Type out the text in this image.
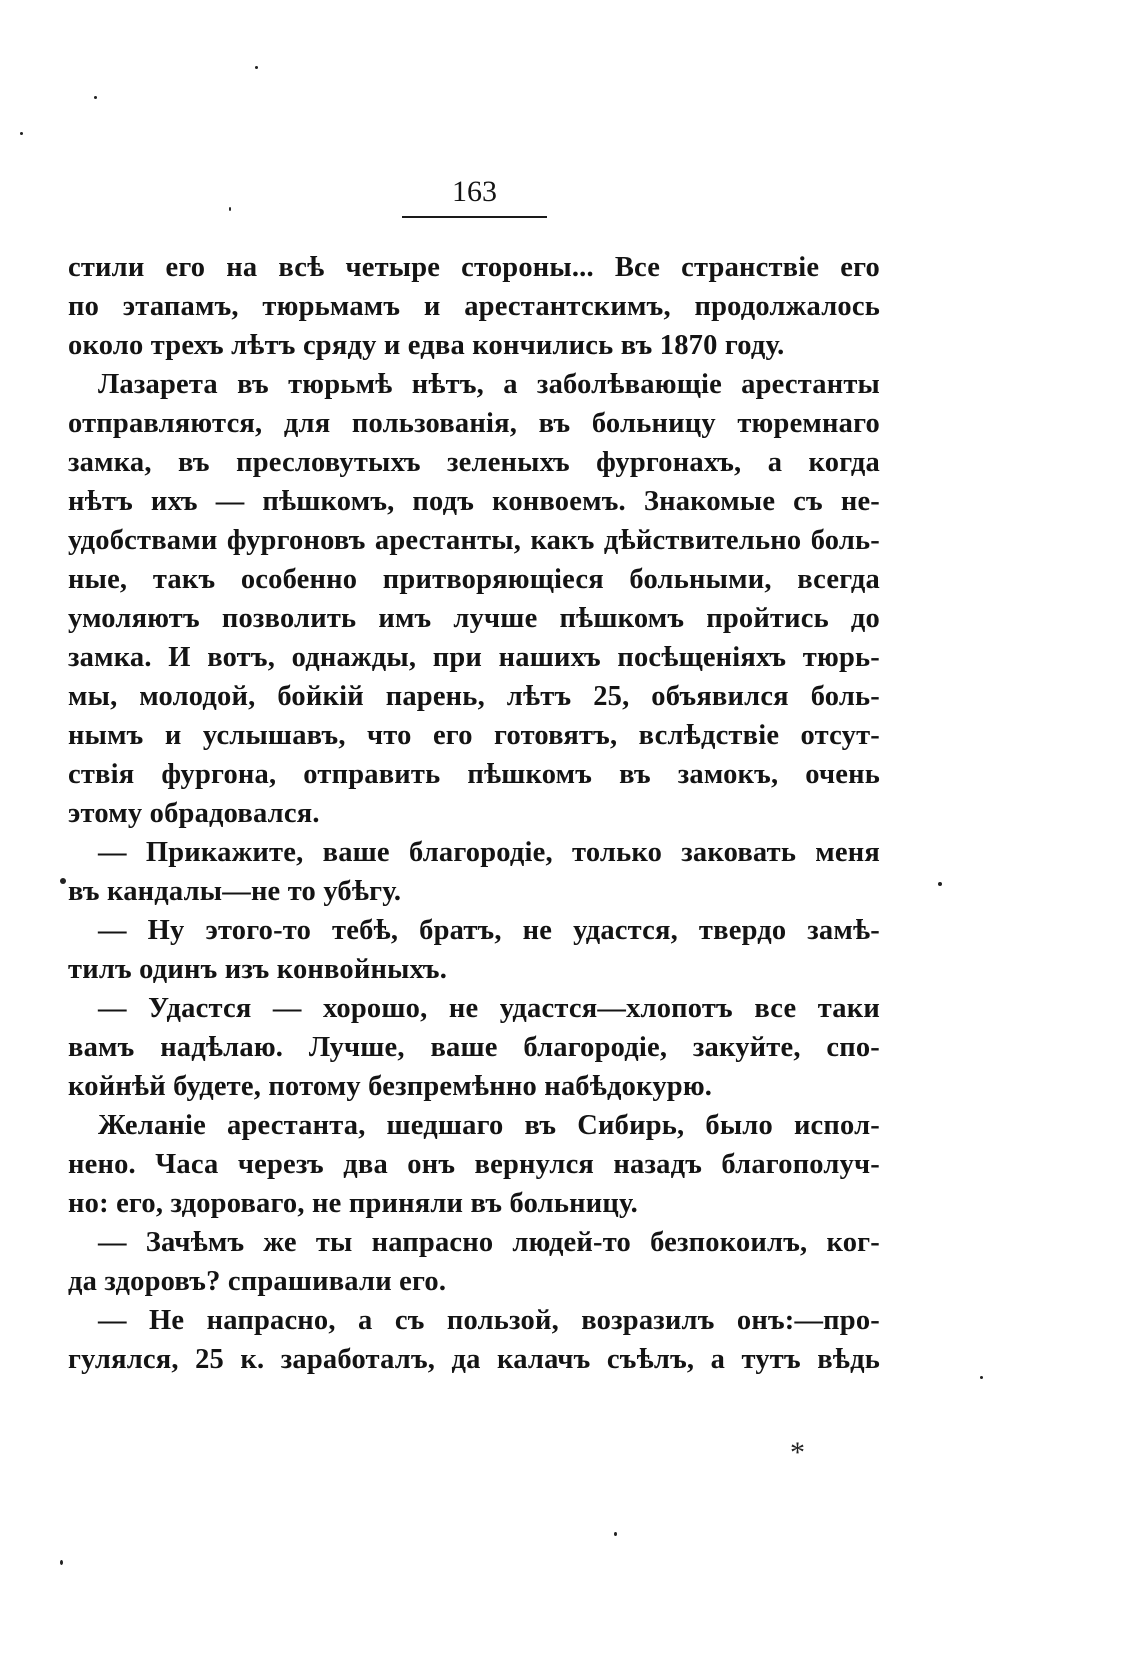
163
стили его на всѣ четыре стороны... Все странствіе его
по этапамъ, тюрьмамъ и арестантскимъ, продолжалось
около трехъ лѣтъ сряду и едва кончились въ 1870 году.
Лазарета въ тюрьмѣ нѣтъ, а заболѣвающіе арестанты
отправляются, для пользованія, въ больницу тюремнаго
замка, въ пресловутыхъ зеленыхъ фургонахъ, а когда
нѣтъ ихъ — пѣшкомъ, подъ конвоемъ. Знакомые съ не-
удобствами фургоновъ арестанты, какъ дѣйствительно боль-
ные, такъ особенно притворяющіеся больными, всегда
умоляютъ позволить имъ лучше пѣшкомъ пройтись до
замка. И вотъ, однажды, при нашихъ посѣщеніяхъ тюрь-
мы, молодой, бойкій парень, лѣтъ 25, объявился боль-
нымъ и услышавъ, что его готовятъ, вслѣдствіе отсут-
ствія фургона, отправить пѣшкомъ въ замокъ, очень
этому обрадовался.
— Прикажите, ваше благородіе, только заковать меня
въ кандалы—не то убѣгу.
— Ну этого-то тебѣ, братъ, не удастся, твердо замѣ-
тилъ одинъ изъ конвойныхъ.
— Удастся — хорошо, не удастся—хлопотъ все таки
вамъ надѣлаю. Лучше, ваше благородіе, закуйте, спо-
койнѣй будете, потому безпремѣнно набѣдокурю.
Желаніе арестанта, шедшаго въ Сибирь, было испол-
нено. Часа черезъ два онъ вернулся назадъ благополуч-
но: его, здороваго, не приняли въ больницу.
— Зачѣмъ же ты напрасно людей-то безпокоилъ, ког-
да здоровъ? спрашивали его.
— Не напрасно, а съ пользой, возразилъ онъ:—про-
гулялся, 25 к. заработалъ, да калачъ съѣлъ, а тутъ вѣдь
*
